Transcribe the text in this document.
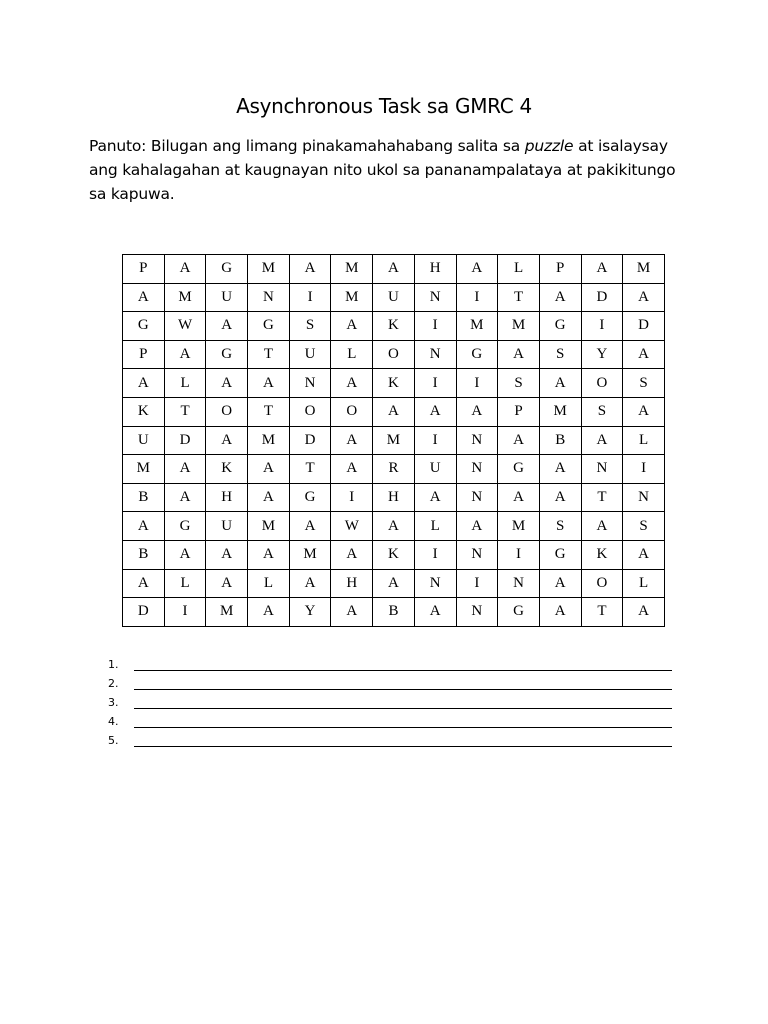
Asynchronous Task sa GMRC 4
Panuto: Bilugan ang limang pinakamahahabang salita sa puzzle at isalaysay ang kahalagahan at kaugnayan nito ukol sa pananampalataya at pakikitungo sa kapuwa.
P	A	G	M	A	M	A	H	A	L	P	A	M
A	M	U	N	I	M	U	N	I	T	A	D	A
G	W	A	G	S	A	K	I	M	M	G	I	D
P	A	G	T	U	L	O	N	G	A	S	Y	A
A	L	A	A	N	A	K	I	I	S	A	O	S
K	T	O	T	O	O	A	A	A	P	M	S	A
U	D	A	M	D	A	M	I	N	A	B	A	L
M	A	K	A	T	A	R	U	N	G	A	N	I
B	A	H	A	G	I	H	A	N	A	A	T	N
A	G	U	M	A	W	A	L	A	M	S	A	S
B	A	A	A	M	A	K	I	N	I	G	K	A
A	L	A	L	A	H	A	N	I	N	A	O	L
D	I	M	A	Y	A	B	A	N	G	A	T	A
1.
2.
3.
4.
5.
